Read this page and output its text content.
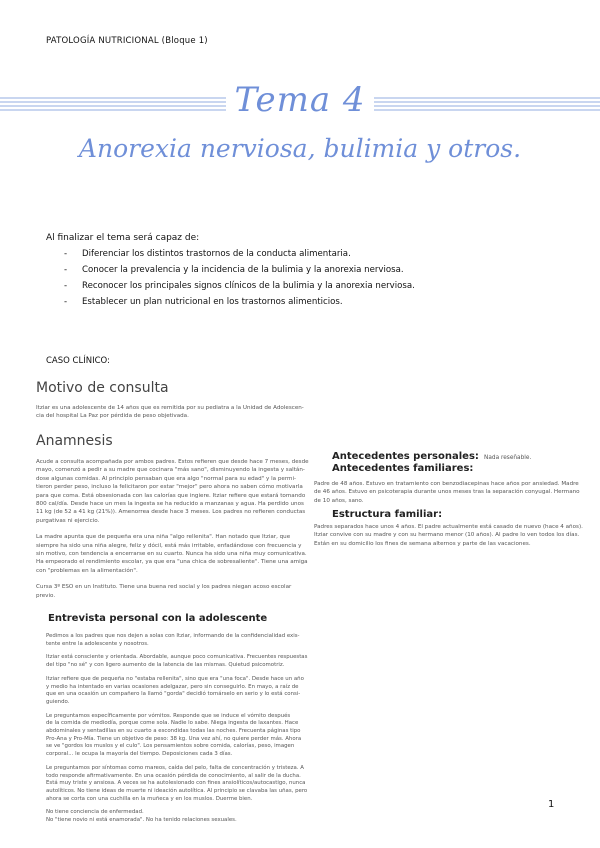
PATOLOGÍA NUTRICIONAL (Bloque 1)
Tema 4
Anorexia nerviosa, bulimia y otros.
Al finalizar el tema será capaz de:
- Diferenciar los distintos trastornos de la conducta alimentaria.
- Conocer la prevalencia y la incidencia de la bulimia y la anorexia nerviosa.
- Reconocer los principales signos clínicos de la bulimia y la anorexia nerviosa.
- Establecer un plan nutricional en los trastornos alimenticios.
CASO CLÍNICO:
Motivo de consulta
Itziar es una adolescente de 14 años que es remitida por su pediatra a la Unidad de Adolescen-
cia del hospital La Paz por pérdida de peso objetivada.
Anamnesis
Acude a consulta acompañada por ambos padres. Estos refieren que desde hace 7 meses, desde
mayo, comenzó a pedir a su madre que cocinara "más sano", disminuyendo la ingesta y saltán-
dose algunas comidas. Al principio pensaban que era algo "normal para su edad" y la permi-
tieron perder peso, incluso la felicitaron por estar "mejor" pero ahora no saben cómo motivarla
para que coma. Está obsesionada con las calorías que ingiere. Itziar refiere que estará tomando
800 cal/día. Desde hace un mes la ingesta se ha reducido a manzanas y agua. Ha perdido unos
11 kg (de 52 a 41 kg (21%)). Amenorrea desde hace 3 meses. Los padres no refieren conductas
purgativas ni ejercicio.
La madre apunta que de pequeña era una niña "algo rellenita". Han notado que Itziar, que
siempre ha sido una niña alegre, feliz y dócil, está más irritable, enfadándose con frecuencia y
sin motivo, con tendencia a encerrarse en su cuarto. Nunca ha sido una niña muy comunicativa.
Ha empeorado el rendimiento escolar, ya que era "una chica de sobresaliente". Tiene una amiga
con "problemas en la alimentación".
Cursa 3º ESO en un Instituto. Tiene una buena red social y los padres niegan acoso escolar previo.
Antecedentes personales: Nada reseñable.
Antecedentes familiares:
Padre de 48 años. Estuvo en tratamiento con benzodiacepinas hace años por ansiedad. Madre
de 46 años. Estuvo en psicoterapia durante unos meses tras la separación conyugal. Hermano
de 10 años, sano.
Estructura familiar:
Padres separados hace unos 4 años. El padre actualmente está casado de nuevo (hace 4 años).
Itziar convive con su madre y con su hermano menor (10 años). Al padre lo ven todos los días.
Están en su domicilio los fines de semana alternos y parte de las vacaciones.
Entrevista personal con la adolescente
Pedimos a los padres que nos dejen a solas con Itziar, informando de la confidencialidad exis-
tente entre la adolescente y nosotros.
Itziar está consciente y orientada. Abordable, aunque poco comunicativa. Frecuentes respuestas
del tipo "no sé" y con ligero aumento de la latencia de las mismas. Quietud psicomotriz.
Itziar refiere que de pequeña no "estaba rellenita", sino que era "una foca". Desde hace un año
y medio ha intentado en varias ocasiones adelgazar, pero sin conseguirlo. En mayo, a raíz de
que en una ocasión un compañero la llamó "gorda" decidió tomárselo en serio y lo está consi-
guiendo.
Le preguntamos específicamente por vómitos. Responde que se induce el vómito después
de la comida de mediodía, porque come sola. Nadie lo sabe. Niega ingesta de laxantes. Hace
abdominales y sentadillas en su cuarto a escondidas todas las noches. Frecuenta páginas tipo
Pro-Ana y Pro-Mía. Tiene un objetivo de peso: 38 kg. Una vez ahí, no quiere perder más. Ahora
se ve "gordos los muslos y el culo". Los pensamientos sobre comida, calorías, peso, imagen
corporal... le ocupa la mayoría del tiempo. Deposiciones cada 3 días.
Le preguntamos por síntomas como mareos, caída del pelo, falta de concentración y tristeza. A
todo responde afirmativamente. En una ocasión pérdida de conocimiento, al salir de la ducha.
Está muy triste y ansiosa. A veces se ha autolesionado con fines ansiolíticos/autocastigo, nunca
autolíticos. No tiene ideas de muerte ni ideación autolítica. Al principio se clavaba las uñas, pero
ahora se corta con una cuchilla en la muñeca y en los muslos. Duerme bien.
No tiene conciencia de enfermedad.
No "tiene novio ni está enamorada". No ha tenido relaciones sexuales.
1
